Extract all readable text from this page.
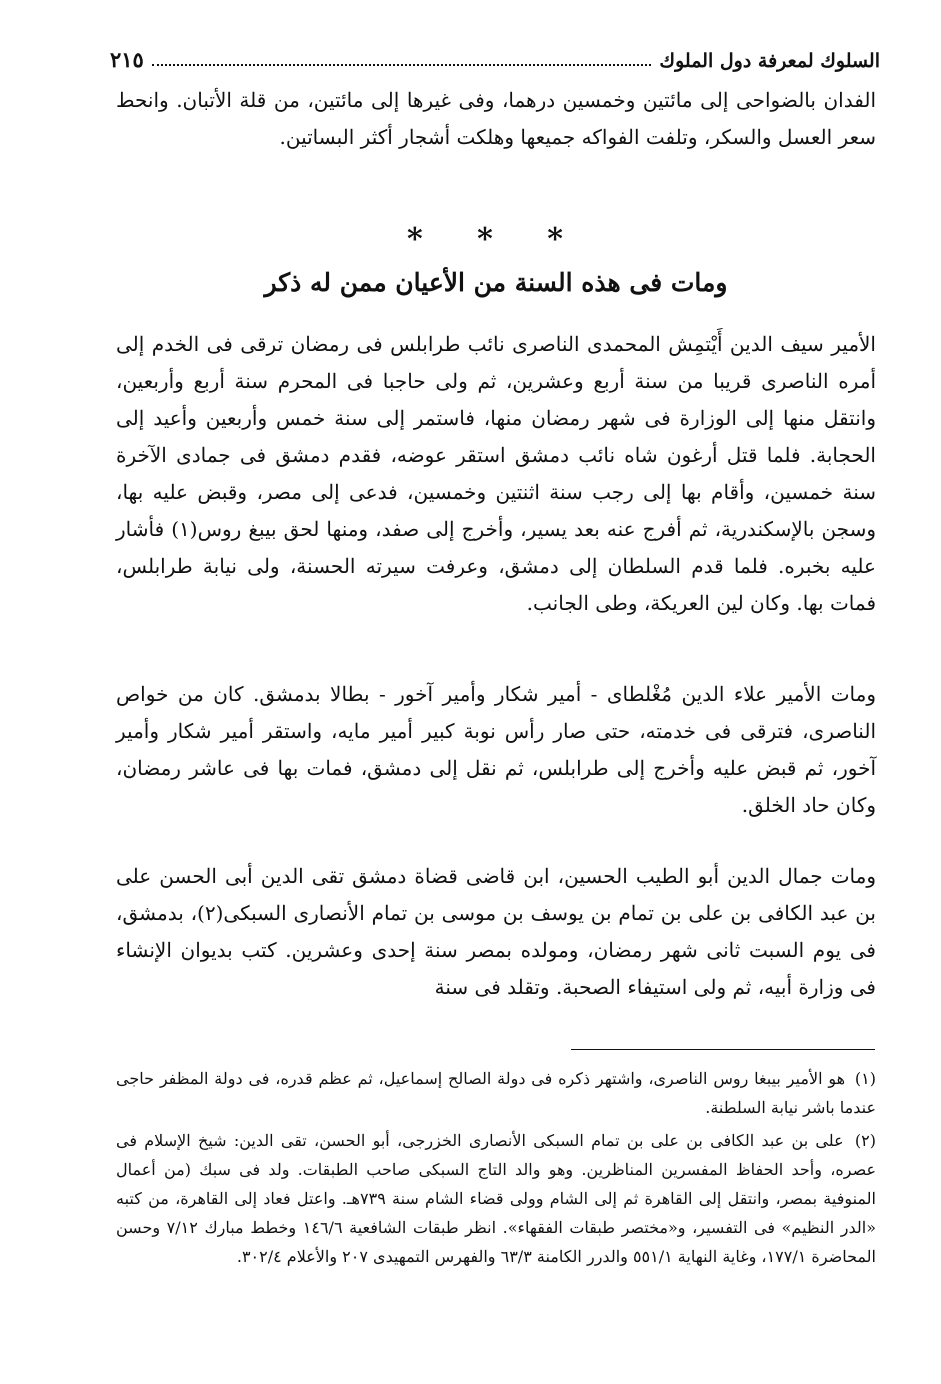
السلوك لمعرفة دول الملوك
٢١٥
الفدان بالضواحى إلى مائتين وخمسين درهما، وفى غيرها إلى مائتين، من قلة الأتبان. وانحط سعر العسل والسكر، وتلفت الفواكه جميعها وهلكت أشجار أكثر البساتين.
* * *
ومات فى هذه السنة من الأعيان ممن له ذكر
الأمير سيف الدين أَيْتمِش المحمدى الناصرى نائب طرابلس فى رمضان ترقى فى الخدم إلى أمره الناصرى قريبا من سنة أربع وعشرين، ثم ولى حاجبا فى المحرم سنة أربع وأربعين، وانتقل منها إلى الوزارة فى شهر رمضان منها، فاستمر إلى سنة خمس وأربعين وأعيد إلى الحجابة. فلما قتل أرغون شاه نائب دمشق استقر عوضه، فقدم دمشق فى جمادى الآخرة سنة خمسين، وأقام بها إلى رجب سنة اثنتين وخمسين، فدعى إلى مصر، وقبض عليه بها، وسجن بالإسكندرية، ثم أفرج عنه بعد يسير، وأخرج إلى صفد، ومنها لحق بيبغ روس(١) فأشار عليه بخبره. فلما قدم السلطان إلى دمشق، وعرفت سيرته الحسنة، ولى نيابة طرابلس، فمات بها. وكان لين العريكة، وطى الجانب.
ومات الأمير علاء الدين مُغْلطاى - أمير شكار وأمير آخور - بطالا بدمشق. كان من خواص الناصرى، فترقى فى خدمته، حتى صار رأس نوبة كبير أمير مايه، واستقر أمير شكار وأمير آخور، ثم قبض عليه وأخرج إلى طرابلس، ثم نقل إلى دمشق، فمات بها فى عاشر رمضان، وكان حاد الخلق.
ومات جمال الدين أبو الطيب الحسين، ابن قاضى قضاة دمشق تقى الدين أبى الحسن على بن عبد الكافى بن على بن تمام بن يوسف بن موسى بن تمام الأنصارى السبكى(٢)، بدمشق، فى يوم السبت ثانى شهر رمضان، ومولده بمصر سنة إحدى وعشرين. كتب بديوان الإنشاء فى وزارة أبيه، ثم ولى استيفاء الصحبة. وتقلد فى سنة

(١) هو الأمير بيبغا روس الناصرى، واشتهر ذكره فى دولة الصالح إسماعيل، ثم عظم قدره، فى دولة المظفر حاجى عندما باشر نيابة السلطنة.

(٢) على بن عبد الكافى بن على بن تمام السبكى الأنصارى الخزرجى، أبو الحسن، تقى الدين: شيخ الإسلام فى عصره، وأحد الحفاظ المفسرين المناظرين. وهو والد التاج السبكى صاحب الطبقات. ولد فى سبك (من أعمال المنوفية بمصر، وانتقل إلى القاهرة ثم إلى الشام وولى قضاء الشام سنة ٧٣٩هـ. واعتل فعاد إلى القاهرة، من كتبه «الدر النظيم» فى التفسير، و«مختصر طبقات الفقهاء». انظر طبقات الشافعية ١٤٦/٦ وخطط مبارك ٧/١٢ وحسن المحاضرة ١٧٧/١، وغاية النهاية ٥٥١/١ والدرر الكامنة ٦٣/٣ والفهرس التمهيدى ٢٠٧ والأعلام ٣٠٢/٤.
